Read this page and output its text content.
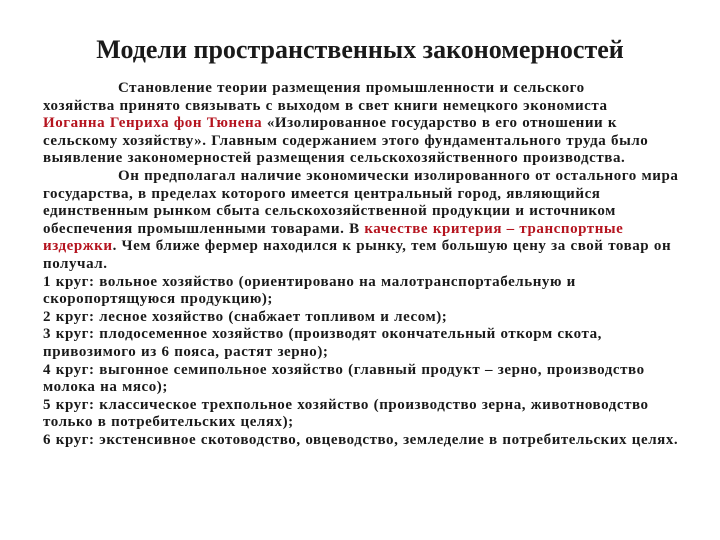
Модели пространственных закономерностей

Становление теории размещения промышленности и сельского
хозяйства принято связывать с выходом в свет книги немецкого экономиста
Иоганна Генриха фон Тюнена «Изолированное государство в его отношении к сельскому хозяйству». Главным содержанием этого фундаментального труда было выявление закономерностей размещения сельскохозяйственного производства.

Он предполагал наличие экономически изолированного от остального мира государства, в пределах которого имеется центральный город, являющийся единственным рынком сбыта сельскохозяйственной продукции и источником обеспечения промышленными товарами. В качестве критерия – транспортные издержки. Чем ближе фермер находился к рынку, тем большую цену за свой товар он получал.

1 круг: вольное хозяйство (ориентировано на малотранспортабельную и скоропортящуюся продукцию);

2 круг: лесное хозяйство (снабжает топливом и лесом);

3 круг: плодосеменное хозяйство (производят окончательный откорм скота, привозимого из 6 пояса, растят зерно);

4 круг: выгонное семипольное хозяйство (главный продукт – зерно, производство молока на мясо);

5 круг: классическое трехпольное хозяйство (производство зерна, животноводство только в потребительских целях);

6 круг: экстенсивное скотоводство, овцеводство, земледелие в потребительских целях.
